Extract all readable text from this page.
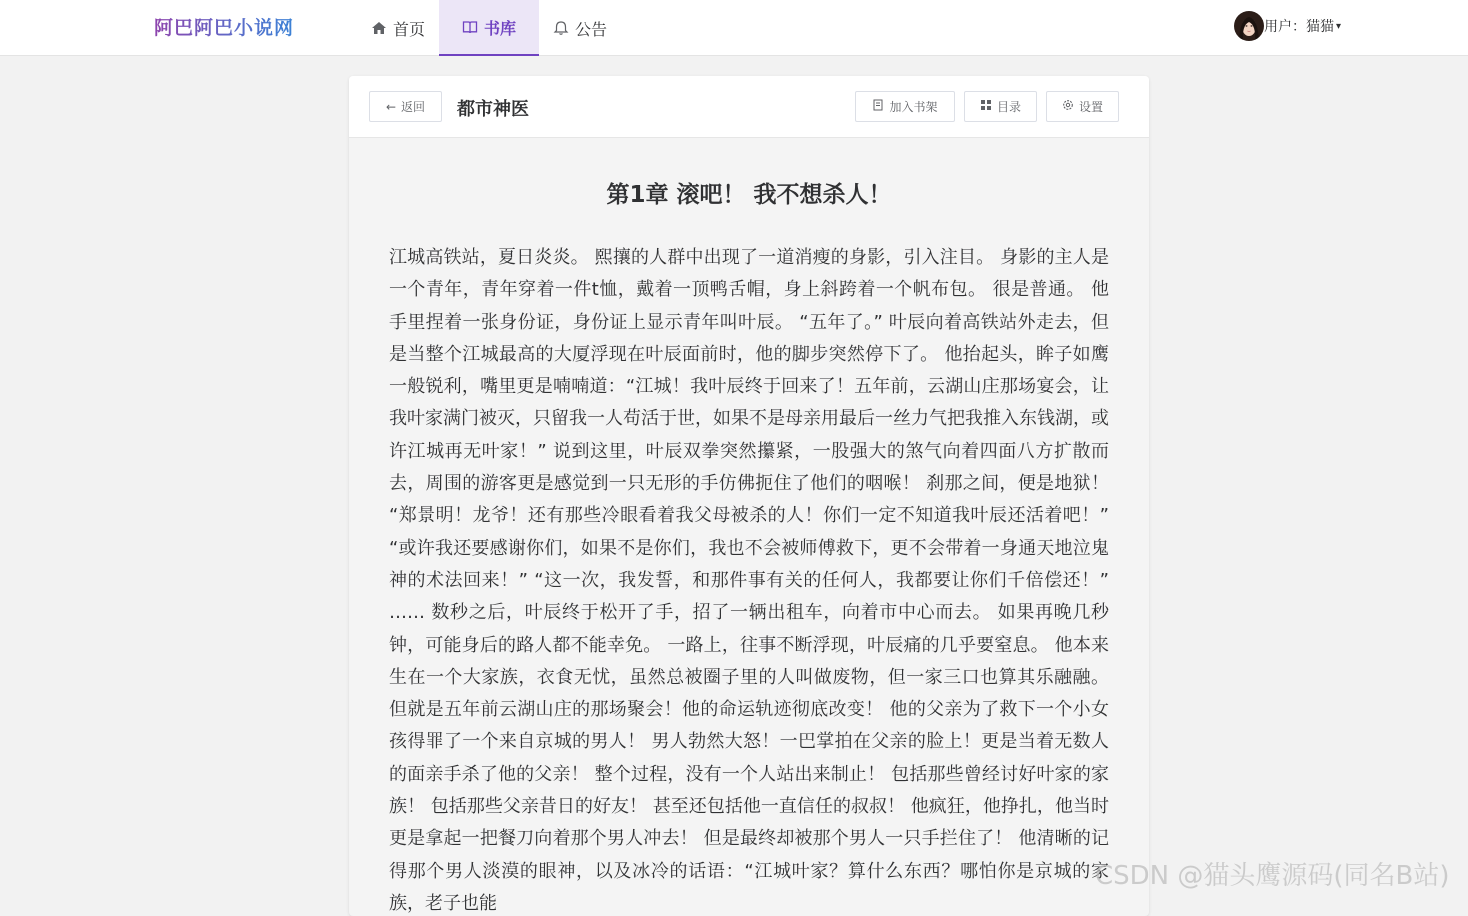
阿巴阿巴小说网	首页	书库	公告	用户：猫猫 ▾
← 返回 都市神医	加入书架	目录	设置
第1章 滚吧！ 我不想杀人！

江城高铁站，夏日炎炎。 熙攘的人群中出现了一道消瘦的身影，引入注目。 身影的主人是一个青年，青年穿着一件t恤，戴着一顶鸭舌帽，身上斜跨着一个帆布包。 很是普通。 他手里捏着一张身份证，身份证上显示青年叫叶辰。 “五年了。” 叶辰向着高铁站外走去，但是当整个江城最高的大厦浮现在叶辰面前时，他的脚步突然停下了。 他抬起头，眸子如鹰一般锐利，嘴里更是喃喃道：“江城！我叶辰终于回来了！五年前，云湖山庄那场宴会，让我叶家满门被灭，只留我一人苟活于世，如果不是母亲用最后一丝力气把我推入东钱湖，或许江城再无叶家！” 说到这里，叶辰双拳突然攥紧，一股强大的煞气向着四面八方扩散而去，周围的游客更是感觉到一只无形的手仿佛扼住了他们的咽喉！ 刹那之间，便是地狱！ “郑景明！龙爷！还有那些冷眼看着我父母被杀的人！你们一定不知道我叶辰还活着吧！” “或许我还要感谢你们，如果不是你们，我也不会被师傅救下，更不会带着一身通天地泣鬼神的术法回来！” “这一次，我发誓，和那件事有关的任何人，我都要让你们千倍偿还！” …… 数秒之后，叶辰终于松开了手，招了一辆出租车，向着市中心而去。 如果再晚几秒钟，可能身后的路人都不能幸免。 一路上，往事不断浮现，叶辰痛的几乎要窒息。 他本来生在一个大家族，衣食无忧，虽然总被圈子里的人叫做废物，但一家三口也算其乐融融。 但就是五年前云湖山庄的那场聚会！他的命运轨迹彻底改变！ 他的父亲为了救下一个小女孩得罪了一个来自京城的男人！ 男人勃然大怒！一巴掌拍在父亲的脸上！更是当着无数人的面亲手杀了他的父亲！ 整个过程，没有一个人站出来制止！ 包括那些曾经讨好叶家的家族！ 包括那些父亲昔日的好友！ 甚至还包括他一直信任的叔叔！ 他疯狂，他挣扎，他当时更是拿起一把餐刀向着那个男人冲去！ 但是最终却被那个男人一只手拦住了！ 他清晰的记得那个男人淡漠的眼神，以及冰冷的话语：“江城叶家？算什么东西？哪怕你是京城的家族，老子也能

CSDN @猫头鹰源码(同名B站)
